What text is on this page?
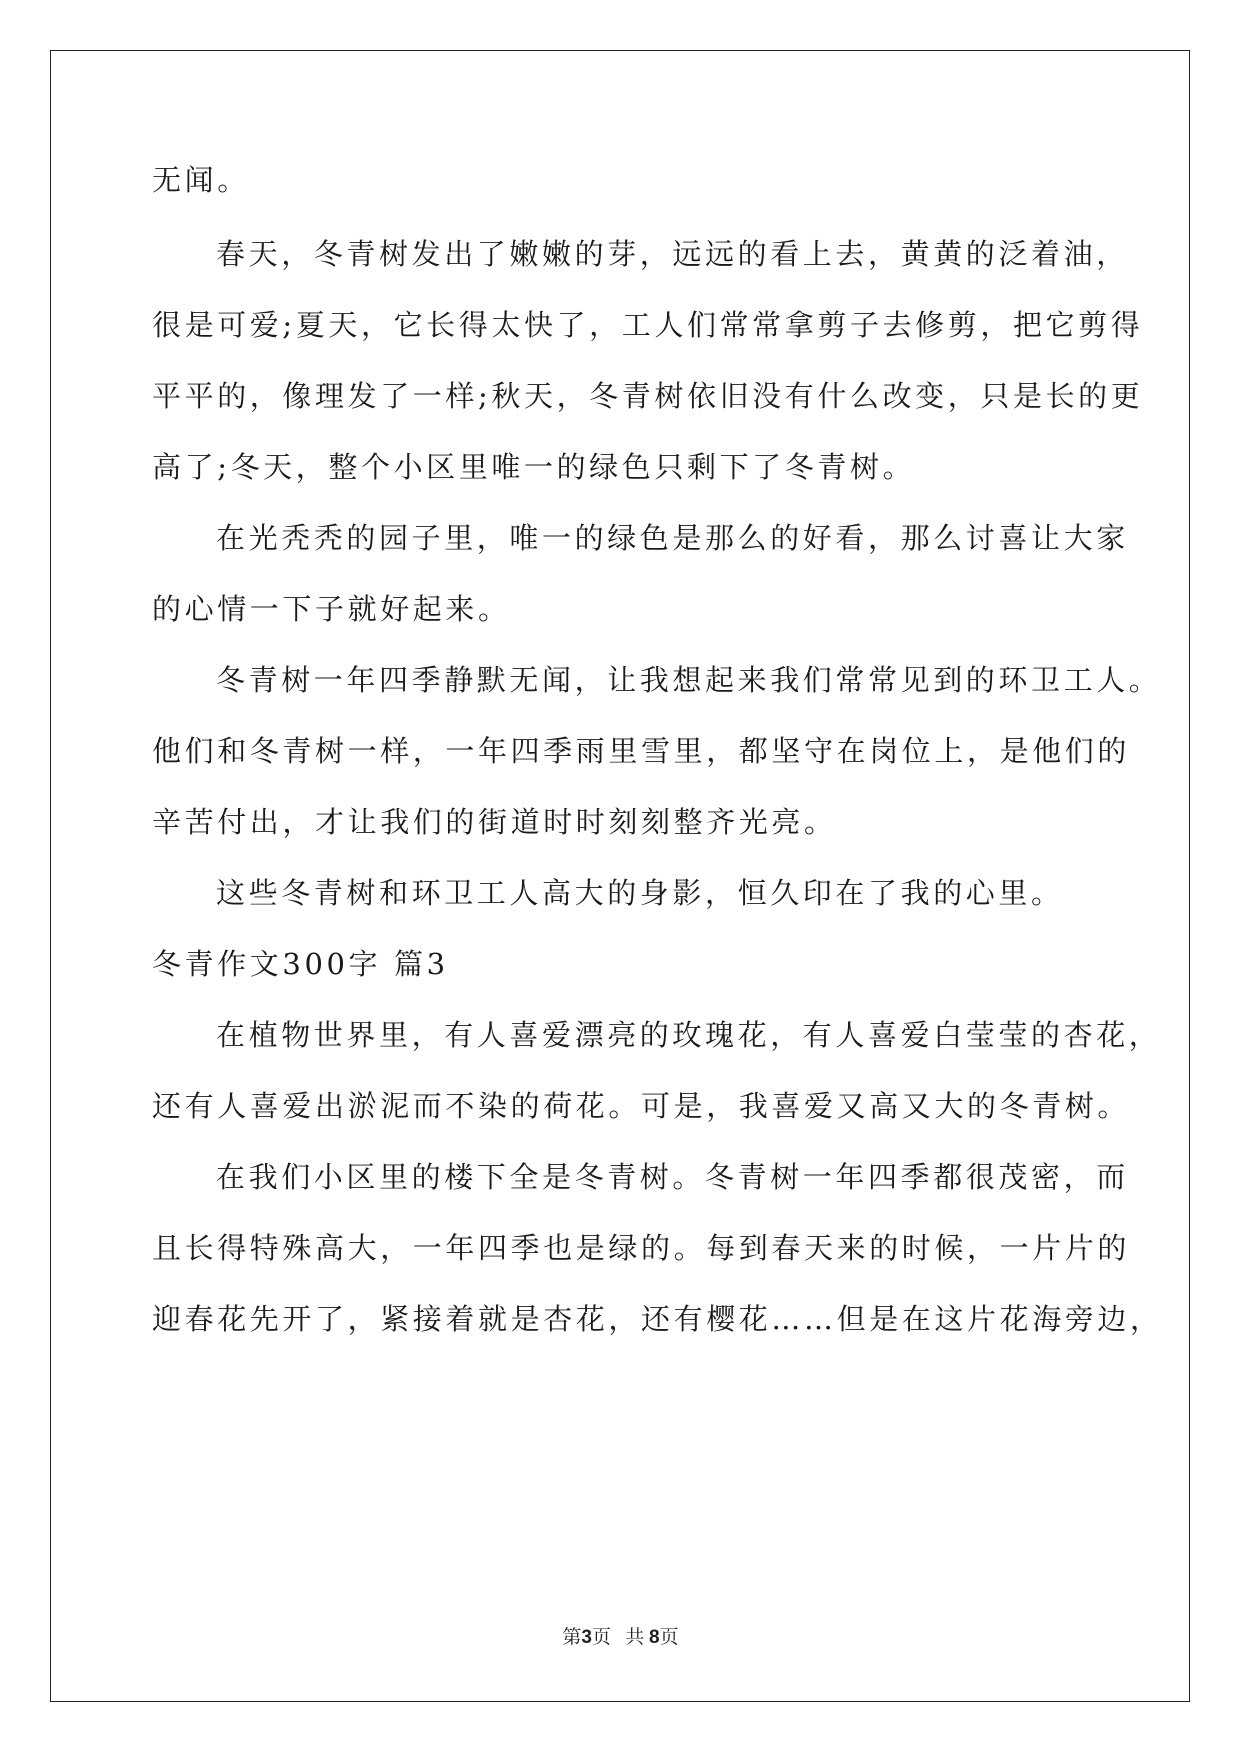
无闻。
春天，冬青树发出了嫩嫩的芽，远远的看上去，黄黄的泛着油，
很是可爱;夏天，它长得太快了，工人们常常拿剪子去修剪，把它剪得
平平的，像理发了一样;秋天，冬青树依旧没有什么改变，只是长的更
高了;冬天，整个小区里唯一的绿色只剩下了冬青树。
在光秃秃的园子里，唯一的绿色是那么的好看，那么讨喜让大家
的心情一下子就好起来。
冬青树一年四季静默无闻，让我想起来我们常常见到的环卫工人。
他们和冬青树一样，一年四季雨里雪里，都坚守在岗位上，是他们的
辛苦付出，才让我们的街道时时刻刻整齐光亮。
这些冬青树和环卫工人高大的身影，恒久印在了我的心里。
冬青作文300字 篇3
在植物世界里，有人喜爱漂亮的玫瑰花，有人喜爱白莹莹的杏花，
还有人喜爱出淤泥而不染的荷花。可是，我喜爱又高又大的冬青树。
在我们小区里的楼下全是冬青树。冬青树一年四季都很茂密，而
且长得特殊高大，一年四季也是绿的。每到春天来的时候，一片片的
迎春花先开了，紧接着就是杏花，还有樱花……但是在这片花海旁边，
第3页 共 8页
